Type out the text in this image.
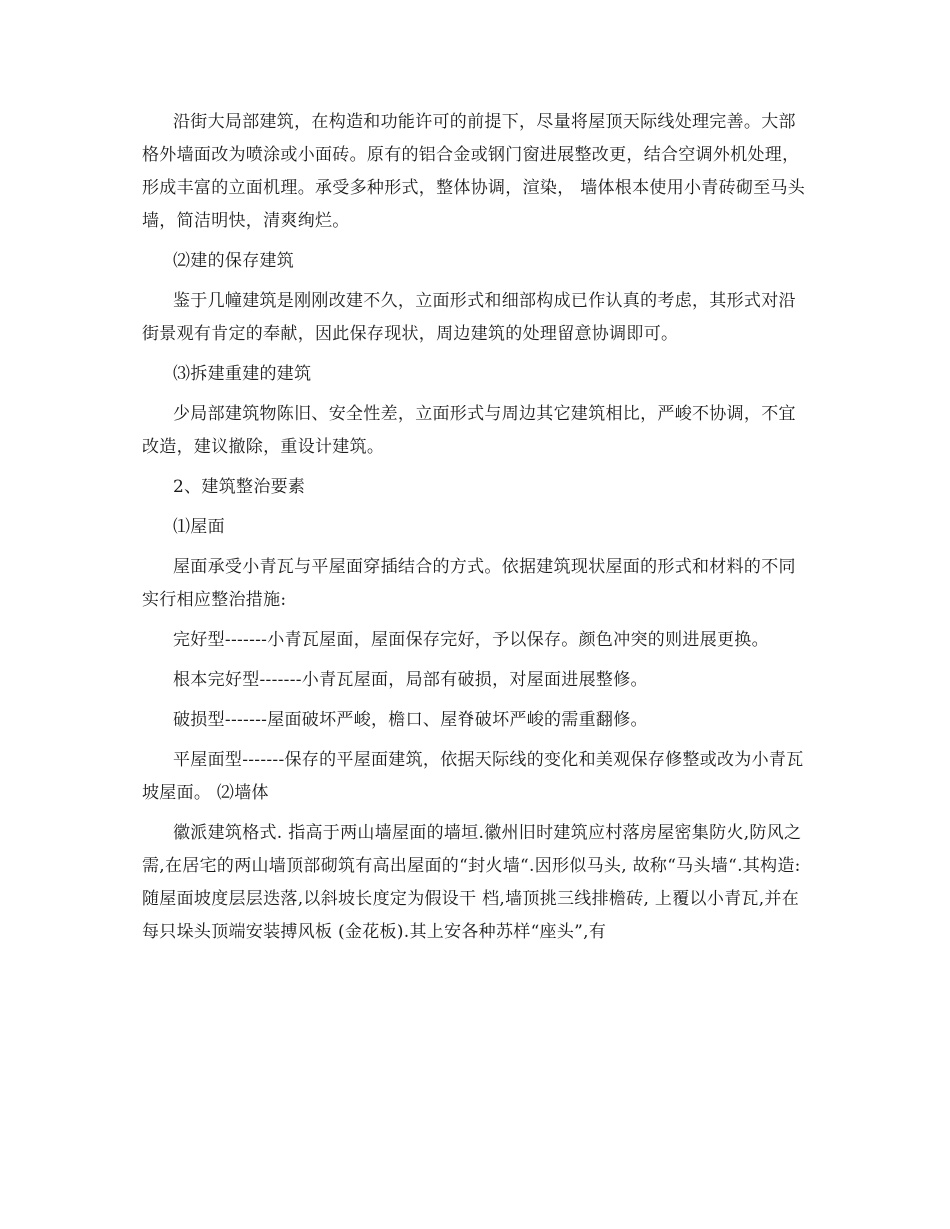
沿街大局部建筑，在构造和功能许可的前提下，尽量将屋顶天际线处理完善。大部格外墙面改为喷涂或小面砖。原有的铝合金或钢门窗进展整改更，结合空调外机处理，形成丰富的立面机理。承受多种形式，整体协调，渲染， 墙体根本使用小青砖砌至马头墙，简洁明快，清爽绚烂。

⑵建的保存建筑

鉴于几幢建筑是刚刚改建不久，立面形式和细部构成已作认真的考虑，其形式对沿街景观有肯定的奉献，因此保存现状，周边建筑的处理留意协调即可。

⑶拆建重建的建筑

少局部建筑物陈旧、安全性差，立面形式与周边其它建筑相比，严峻不协调，不宜改造，建议撤除，重设计建筑。

2、建筑整治要素

⑴屋面

屋面承受小青瓦与平屋面穿插结合的方式。依据建筑现状屋面的形式和材料的不同实行相应整治措施:

完好型-------小青瓦屋面，屋面保存完好，予以保存。颜色冲突的则进展更换。

根本完好型-------小青瓦屋面，局部有破损，对屋面进展整修。

破损型-------屋面破坏严峻，檐口、屋脊破坏严峻的需重翻修。

平屋面型-------保存的平屋面建筑，依据天际线的变化和美观保存修整或改为小青瓦坡屋面。 ⑵墙体

徽派建筑格式. 指高于两山墙屋面的墙垣.徽州旧时建筑应村落房屋密集防火,防风之需,在居宅的两山墙顶部砌筑有高出屋面的“封火墙“.因形似马头, 故称“马头墙“.其构造:随屋面坡度层层迭落,以斜坡长度定为假设干 档,墙顶挑三线排檐砖, 上覆以小青瓦,并在每只垛头顶端安装搏风板 (金花板).其上安各种苏样“座头”,有
